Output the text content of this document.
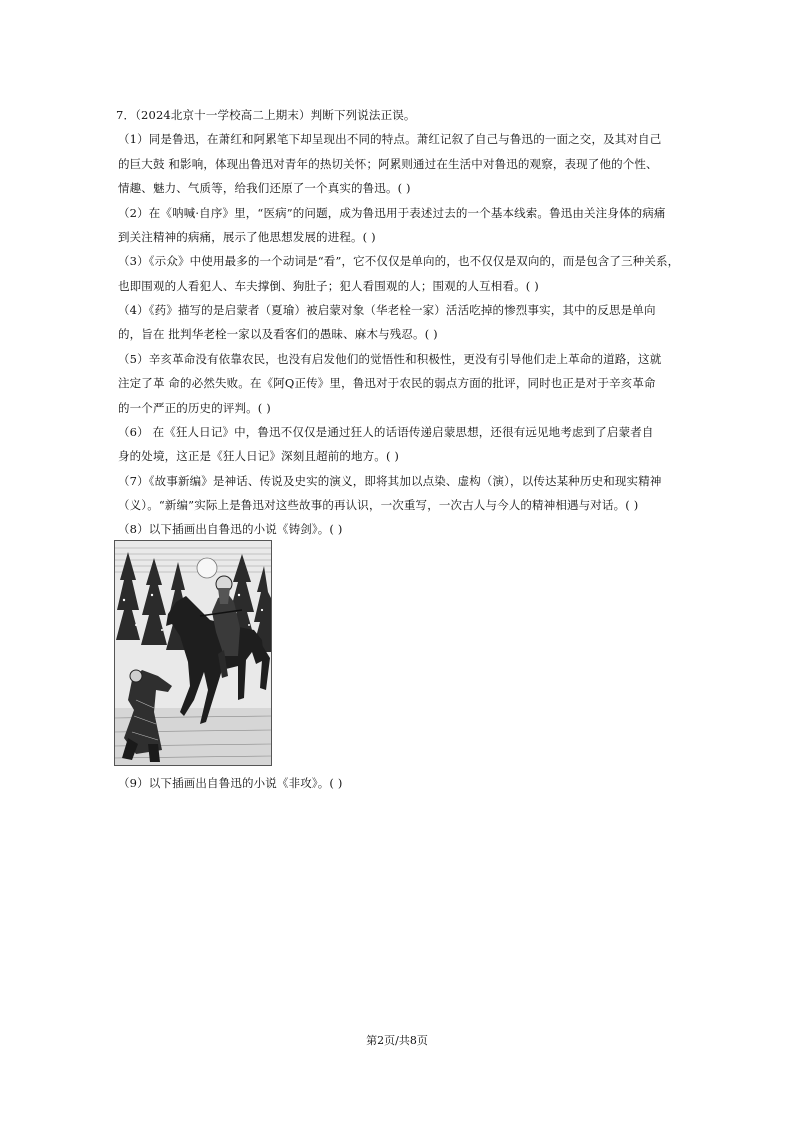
7．（2024北京十一学校高二上期末）判断下列说法正误。
（1）同是鲁迅，在萧红和阿累笔下却呈现出不同的特点。萧红记叙了自己与鲁迅的一面之交，及其对自己
的巨大鼓 和影响，体现出鲁迅对青年的热切关怀；阿累则通过在生活中对鲁迅的观察，表现了他的个性、
情趣、魅力、气质等，给我们还原了一个真实的鲁迅。( )
（2）在《呐喊·自序》里，“医病”的问题，成为鲁迅用于表述过去的一个基本线索。鲁迅由关注身体的病痛
到关注精神的病痛，展示了他思想发展的进程。( )
（3）《示众》中使用最多的一个动词是“看”，它不仅仅是单向的，也不仅仅是双向的，而是包含了三种关系，
也即围观的人看犯人、车夫撑倒、狗肚子；犯人看围观的人；围观的人互相看。( )
（4）《药》描写的是启蒙者（夏瑜）被启蒙对象（华老栓一家）活活吃掉的惨烈事实，其中的反思是单向
的，旨在 批判华老栓一家以及看客们的愚昧、麻木与残忍。( )
（5）辛亥革命没有依靠农民，也没有启发他们的觉悟性和积极性，更没有引导他们走上革命的道路，这就
注定了革 命的必然失败。在《阿Q正传》里，鲁迅对于农民的弱点方面的批评，同时也正是对于辛亥革命
的一个严正的历史的评判。( )
（6） 在《狂人日记》中，鲁迅不仅仅是通过狂人的话语传递启蒙思想，还很有远见地考虑到了启蒙者自
身的处境，这正是《狂人日记》深刻且超前的地方。( )
（7）《故事新编》是神话、传说及史实的演义，即将其加以点染、虚构（演），以传达某种历史和现实精神
（义）。“新编”实际上是鲁迅对这些故事的再认识，一次重写，一次古人与今人的精神相遇与对话。( )
（8）以下插画出自鲁迅的小说《铸剑》。( )
（9）以下插画出自鲁迅的小说《非攻》。( )
第2页/共8页
